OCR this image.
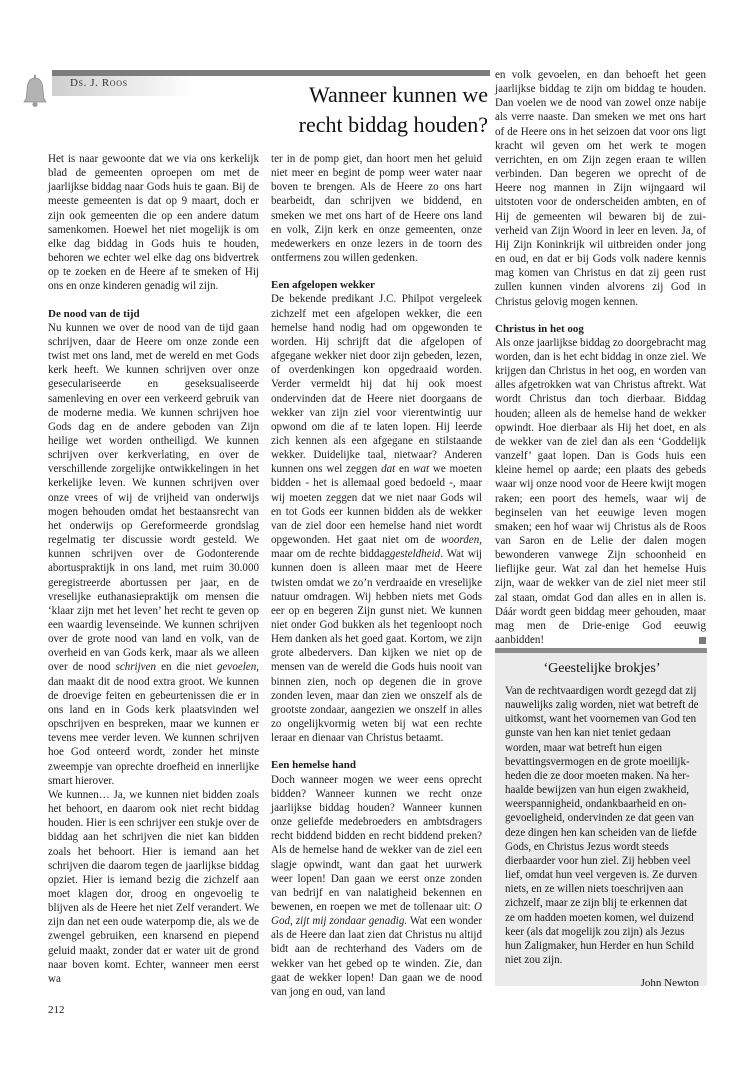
Ds. J. Roos	Wanneer kunnen we
recht biddag houden?

Het is naar gewoonte dat we via ons kerkelijk blad de gemeenten oproepen om met de jaarlijkse biddag naar Gods huis te gaan. Bij de meeste gemeenten is dat op 9 maart, doch er zijn ook gemeenten die op een andere datum samenkomen. Hoewel het niet mogelijk is om elke dag biddag in Gods huis te houden, behoren we echter wel elke dag ons bidvertrek op te zoeken en de Heere af te smeken of Hij ons en onze kinderen genadig wil zijn.

De nood van de tijd

Nu kunnen we over de nood van de tijd gaan schrijven, daar de Heere om onze zonde een twist met ons land, met de wereld en met Gods kerk heeft. We kunnen schrijven over onze geseculariseerde en geseksualiseerde samenleving en over een verkeerd gebruik van de moderne media. We kunnen schrijven hoe Gods dag en de andere geboden van Zijn heilige wet worden ontheiligd. We kunnen schrijven over kerkverlating, en over de verschillende zorgelijke ontwikkelingen in het kerkelijke leven. We kunnen schrijven over onze vrees of wij de vrijheid van onderwijs mogen behouden omdat het bestaansrecht van het onderwijs op Gereformeerde grondslag regelmatig ter discussie wordt gesteld. We kunnen schrijven over de Godonterende abortuspraktijk in ons land, met ruim 30.000 geregistreerde abortussen per jaar, en de vreselijke euthanasiepraktijk om mensen die ‘klaar zijn met het leven’ het recht te geven op een waardig levenseinde. We kunnen schrijven over de grote nood van land en volk, van de overheid en van Gods kerk, maar als we alleen over de nood schrijven en die niet gevoelen, dan maakt dit de nood extra groot. We kunnen de droevige feiten en gebeurtenissen die er in ons land en in Gods kerk plaatsvinden wel opschrijven en bespreken, maar we kunnen er tevens mee verder leven. We kunnen schrijven hoe God onteerd wordt, zonder het minste zweempje van oprechte droefheid en innerlijke smart hierover.

We kunnen… Ja, we kunnen niet bidden zoals het behoort, en daarom ook niet recht biddag houden. Hier is een schrijver een stukje over de biddag aan het schrijven die niet kan bidden zoals het behoort. Hier is iemand aan het schrijven die daarom tegen de jaarlijkse biddag opziet. Hier is iemand bezig die zichzelf aan moet klagen dor, droog en ongevoelig te blijven als de Heere het niet Zelf verandert. We zijn dan net een oude waterpomp die, als we de zwengel gebruiken, een knarsend en piepend geluid maakt, zonder dat er water uit de grond naar boven komt. Echter, wanneer men eerst wa

ter in de pomp giet, dan hoort men het geluid niet meer en begint de pomp weer water naar boven te brengen. Als de Heere zo ons hart bearbeidt, dan schrijven we biddend, en smeken we met ons hart of de Heere ons land en volk, Zijn kerk en onze gemeenten, onze medewerkers en onze lezers in de toorn des ontfermens zou willen gedenken.

Een afgelopen wekker

De bekende predikant J.C. Philpot vergeleek zichzelf met een afgelopen wekker, die een hemelse hand nodig had om opgewonden te worden. Hij schrijft dat die afgelopen of afgegane wekker niet door zijn gebeden, lezen, of overdenkingen kon opgedraaid worden. Verder vermeldt hij dat hij ook moest ondervinden dat de Heere niet doorgaans de wekker van zijn ziel voor vierentwintig uur opwond om die af te laten lopen. Hij leerde zich kennen als een afgegane en stilstaande wekker. Duidelijke taal, nietwaar? Anderen kunnen ons wel zeggen dat en wat we moeten bidden - het is allemaal goed bedoeld -, maar wij moeten zeggen dat we niet naar Gods wil en tot Gods eer kunnen bidden als de wekker van de ziel door een hemelse hand niet wordt opgewonden. Het gaat niet om de woorden, maar om de rechte biddaggesteldheid. Wat wij kunnen doen is alleen maar met de Heere twisten omdat we zo’n verdraaide en vreselijke natuur omdragen. Wij hebben niets met Gods eer op en begeren Zijn gunst niet. We kunnen niet onder God bukken als het tegenloopt noch Hem danken als het goed gaat. Kortom, we zijn grote albedervers. Dan kijken we niet op de mensen van de wereld die Gods huis nooit van binnen zien, noch op degenen die in grove zonden leven, maar dan zien we onszelf als de grootste zondaar, aangezien we onszelf in alles zo ongelijkvormig weten bij wat een rechte leraar en dienaar van Christus betaamt.

Een hemelse hand

Doch wanneer mogen we weer eens oprecht bidden? Wanneer kunnen we recht onze jaarlijkse biddag houden? Wanneer kunnen onze geliefde medebroeders en ambtsdragers recht biddend bidden en recht biddend preken? Als de hemelse hand de wekker van de ziel een slagje opwindt, want dan gaat het uurwerk weer lopen! Dan gaan we eerst onze zonden van bedrijf en van nalatigheid bekennen en bewenen, en roepen we met de tollenaar uit: O God, zijt mij zondaar genadig. Wat een wonder als de Heere dan laat zien dat Christus nu altijd bidt aan de rechterhand des Vaders om de wekker van het gebed op te winden. Zie, dan gaat de wekker lopen! Dan gaan we de nood van jong en oud, van land

en volk gevoelen, en dan behoeft het geen jaarlijkse biddag te zijn om biddag te houden. Dan voelen we de nood van zowel onze nabije als verre naaste. Dan smeken we met ons hart of de Heere ons in het seizoen dat voor ons ligt kracht wil geven om het werk te mogen verrichten, en om Zijn zegen eraan te willen verbinden. Dan begeren we oprecht of de Heere nog mannen in Zijn wijngaard wil uitstoten voor de onderscheiden ambten, en of Hij de gemeenten wil bewaren bij de zuiverheid van Zijn Woord in leer en leven. Ja, of Hij Zijn Koninkrijk wil uitbreiden onder jong en oud, en dat er bij Gods volk nadere kennis mag komen van Christus en dat zij geen rust zullen kunnen vinden alvorens zij God in Christus gelovig mogen kennen.

Christus in het oog

Als onze jaarlijkse biddag zo doorgebracht mag worden, dan is het echt biddag in onze ziel. We krijgen dan Christus in het oog, en worden van alles afgetrokken wat van Christus aftrekt. Wat wordt Christus dan toch dierbaar. Biddag houden; alleen als de hemelse hand de wekker opwindt. Hoe dierbaar als Hij het doet, en als de wekker van de ziel dan als een ‘Goddelijk vanzelf’ gaat lopen. Dan is Gods huis een kleine hemel op aarde; een plaats des gebeds waar wij onze nood voor de Heere kwijt mogen raken; een poort des hemels, waar wij de beginselen van het eeuwige leven mogen smaken; een hof waar wij Christus als de Roos van Saron en de Lelie der dalen mogen bewonderen vanwege Zijn schoonheid en lieflijke geur. Wat zal dan het hemelse Huis zijn, waar de wekker van de ziel niet meer stil zal staan, omdat God dan alles en in allen is. Dáár wordt geen biddag meer gehouden, maar mag men de Drie-enige God eeuwig aanbidden!

‘Geestelijke brokjes’

Van de rechtvaardigen wordt gezegd dat zij nauwelijks zalig worden, niet wat betreft de uitkomst, want het voornemen van God ten gunste van hen kan niet teniet gedaan worden, maar wat betreft hun eigen bevattingsvermogen en de grote moeilijkheden die ze door moeten maken. Na herhaalde bewijzen van hun eigen zwakheid, weerspannigheid, ondankbaarheid en ongevoeligheid, ondervinden ze dat geen van deze dingen hen kan scheiden van de liefde Gods, en Christus Jezus wordt steeds dierbaarder voor hun ziel. Zij hebben veel lief, omdat hun veel vergeven is. Ze durven niets, en ze willen niets toeschrijven aan zichzelf, maar ze zijn blij te erkennen dat ze om hadden moeten komen, wel duizend keer (als dat mogelijk zou zijn) als Jezus hun Zaligmaker, hun Herder en hun Schild niet zou zijn.

John Newton
212
